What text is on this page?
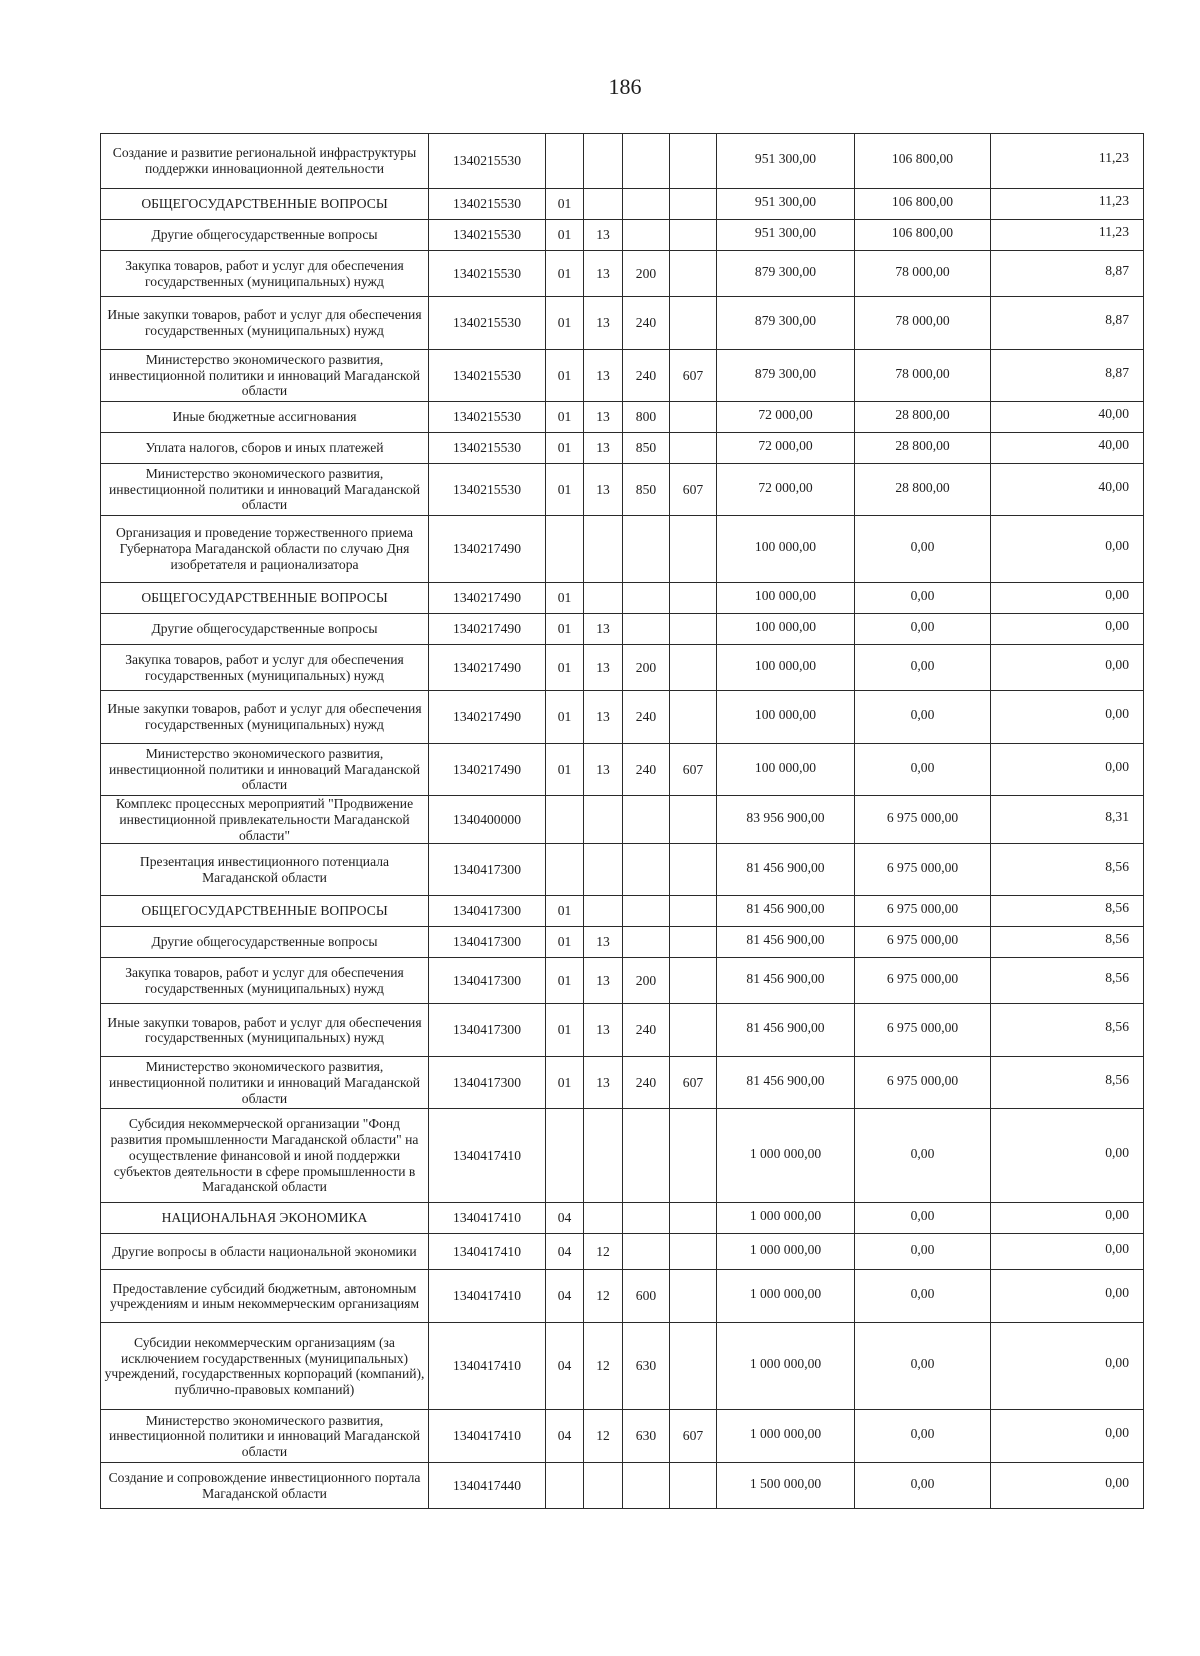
186
Создание и развитие региональной инфраструктуры поддержки инновационной деятельности	1340215530					951 300,00	106 800,00	11,23
ОБЩЕГОСУДАРСТВЕННЫЕ ВОПРОСЫ	1340215530	01				951 300,00	106 800,00	11,23
Другие общегосударственные вопросы	1340215530	01	13			951 300,00	106 800,00	11,23
Закупка товаров, работ и услуг для обеспечения государственных (муниципальных) нужд	1340215530	01	13	200		879 300,00	78 000,00	8,87
Иные закупки товаров, работ и услуг для обеспечения государственных (муниципальных) нужд	1340215530	01	13	240		879 300,00	78 000,00	8,87
Министерство экономического развития, инвестиционной политики и инноваций Магаданской области	1340215530	01	13	240	607	879 300,00	78 000,00	8,87
Иные бюджетные ассигнования	1340215530	01	13	800		72 000,00	28 800,00	40,00
Уплата налогов, сборов и иных платежей	1340215530	01	13	850		72 000,00	28 800,00	40,00
Министерство экономического развития, инвестиционной политики и инноваций Магаданской области	1340215530	01	13	850	607	72 000,00	28 800,00	40,00
Организация и проведение торжественного приема Губернатора Магаданской области по случаю Дня изобретателя и рационализатора	1340217490					100 000,00	0,00	0,00
ОБЩЕГОСУДАРСТВЕННЫЕ ВОПРОСЫ	1340217490	01				100 000,00	0,00	0,00
Другие общегосударственные вопросы	1340217490	01	13			100 000,00	0,00	0,00
Закупка товаров, работ и услуг для обеспечения государственных (муниципальных) нужд	1340217490	01	13	200		100 000,00	0,00	0,00
Иные закупки товаров, работ и услуг для обеспечения государственных (муниципальных) нужд	1340217490	01	13	240		100 000,00	0,00	0,00
Министерство экономического развития, инвестиционной политики и инноваций Магаданской области	1340217490	01	13	240	607	100 000,00	0,00	0,00
Комплекс процессных мероприятий "Продвижение инвестиционной привлекательности Магаданской области"	1340400000					83 956 900,00	6 975 000,00	8,31
Презентация инвестиционного потенциала Магаданской области	1340417300					81 456 900,00	6 975 000,00	8,56
ОБЩЕГОСУДАРСТВЕННЫЕ ВОПРОСЫ	1340417300	01				81 456 900,00	6 975 000,00	8,56
Другие общегосударственные вопросы	1340417300	01	13			81 456 900,00	6 975 000,00	8,56
Закупка товаров, работ и услуг для обеспечения государственных (муниципальных) нужд	1340417300	01	13	200		81 456 900,00	6 975 000,00	8,56
Иные закупки товаров, работ и услуг для обеспечения государственных (муниципальных) нужд	1340417300	01	13	240		81 456 900,00	6 975 000,00	8,56
Министерство экономического развития, инвестиционной политики и инноваций Магаданской области	1340417300	01	13	240	607	81 456 900,00	6 975 000,00	8,56
Субсидия некоммерческой организации "Фонд развития промышленности Магаданской области" на осуществление финансовой и иной поддержки субъектов деятельности в сфере промышленности в Магаданской области	1340417410					1 000 000,00	0,00	0,00
НАЦИОНАЛЬНАЯ ЭКОНОМИКА	1340417410	04				1 000 000,00	0,00	0,00
Другие вопросы в области национальной экономики	1340417410	04	12			1 000 000,00	0,00	0,00
Предоставление субсидий бюджетным, автономным учреждениям и иным некоммерческим организациям	1340417410	04	12	600		1 000 000,00	0,00	0,00
Субсидии некоммерческим организациям (за исключением государственных (муниципальных) учреждений, государственных корпораций (компаний), публично-правовых компаний)	1340417410	04	12	630		1 000 000,00	0,00	0,00
Министерство экономического развития, инвестиционной политики и инноваций Магаданской области	1340417410	04	12	630	607	1 000 000,00	0,00	0,00
Создание и сопровождение инвестиционного портала Магаданской области	1340417440					1 500 000,00	0,00	0,00
